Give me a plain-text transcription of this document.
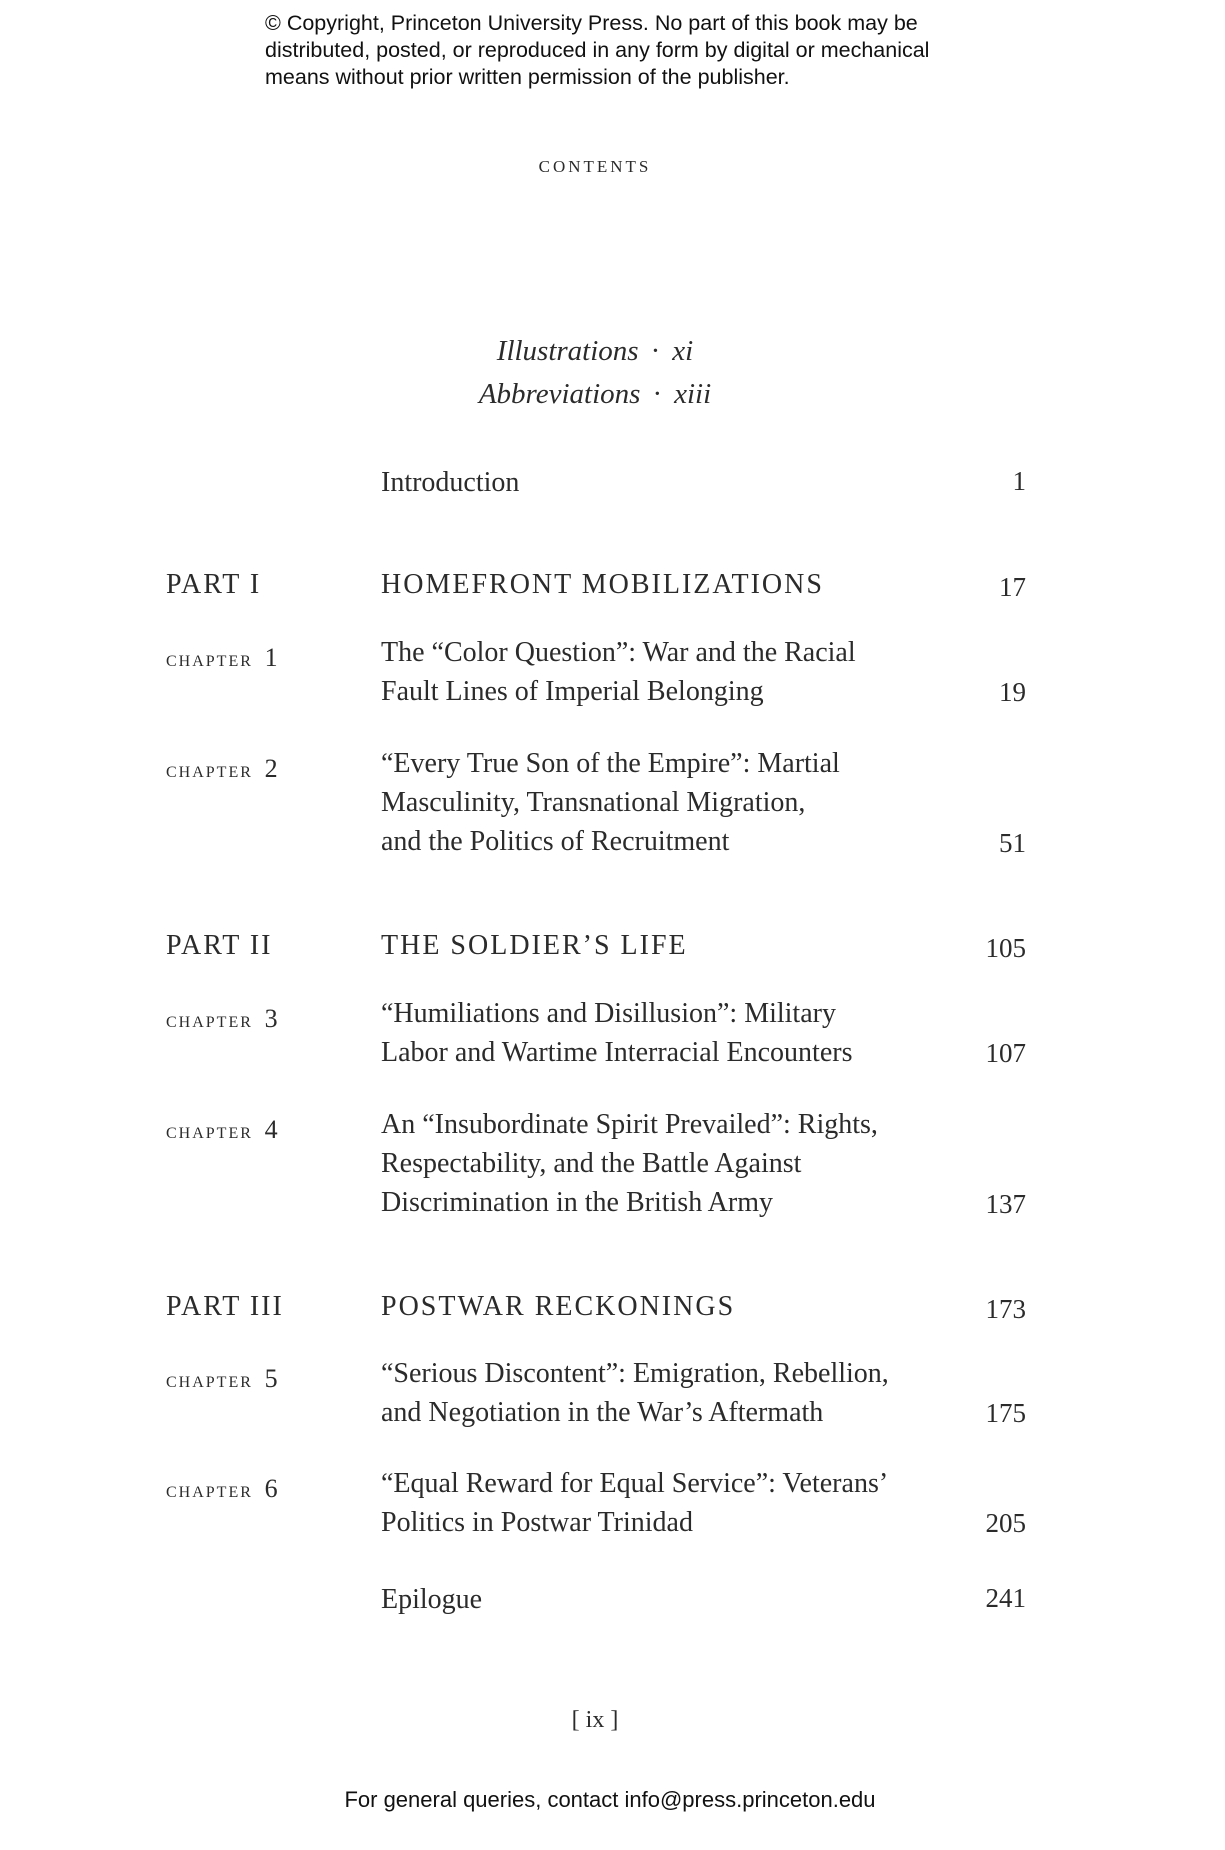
© Copyright, Princeton University Press. No part of this book may be
distributed, posted, or reproduced in any form by digital or mechanical
means without prior written permission of the publisher.
contents
Illustrations · xi
Abbreviations · xiii
Introduction	1
PART I	HOMEFRONT MOBILIZATIONS	17
chapter 1	The “Color Question”: War and the Racial
Fault Lines of Imperial Belonging	19
chapter 2	“Every True Son of the Empire”: Martial
Masculinity, Transnational Migration,
and the Politics of Recruitment	51
PART II	THE SOLDIER’S LIFE	105
chapter 3	“Humiliations and Disillusion”: Military
Labor and Wartime Interracial Encounters	107
chapter 4	An “Insubordinate Spirit Prevailed”: Rights,
Respectability, and the Battle Against
Discrimination in the British Army	137
PART III	POSTWAR RECKONINGS	173
chapter 5	“Serious Discontent”: Emigration, Rebellion,
and Negotiation in the War’s Aftermath	175
chapter 6	“Equal Reward for Equal Service”: Veterans’
Politics in Postwar Trinidad	205
Epilogue	241
[ ix ]
For general queries, contact info@press.princeton.edu
